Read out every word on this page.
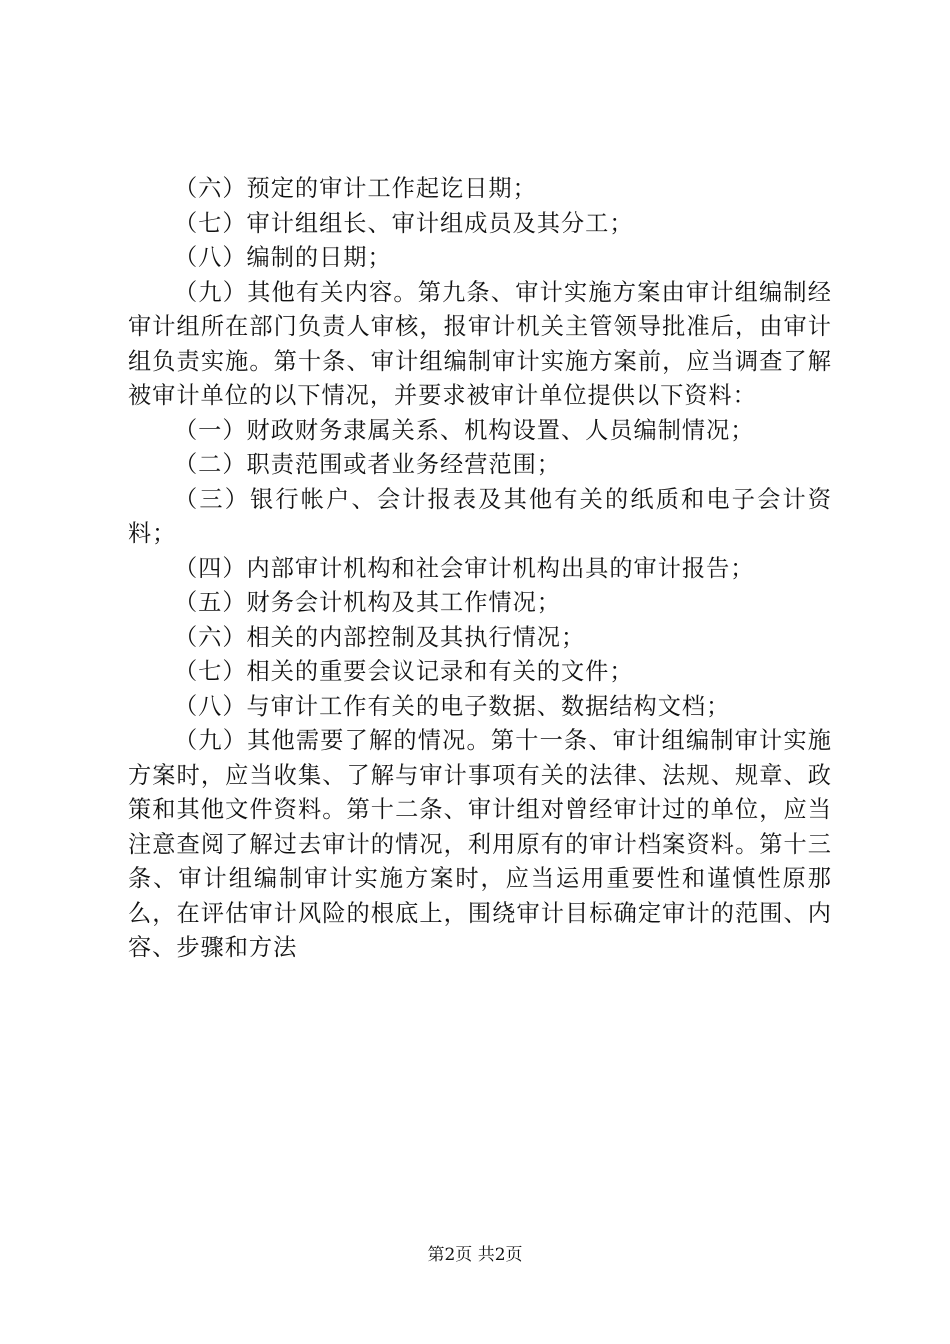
（六）预定的审计工作起讫日期；

（七）审计组组长、审计组成员及其分工；

（八）编制的日期；

（九）其他有关内容。第九条、审计实施方案由审计组编制经审计组所在部门负责人审核，报审计机关主管领导批准后，由审计组负责实施。第十条、审计组编制审计实施方案前，应当调查了解被审计单位的以下情况，并要求被审计单位提供以下资料：

（一）财政财务隶属关系、机构设置、人员编制情况；

（二）职责范围或者业务经营范围；

（三）银行帐户、会计报表及其他有关的纸质和电子会计资料；

（四）内部审计机构和社会审计机构出具的审计报告；

（五）财务会计机构及其工作情况；

（六）相关的内部控制及其执行情况；

（七）相关的重要会议记录和有关的文件；

（八）与审计工作有关的电子数据、数据结构文档；

（九）其他需要了解的情况。第十一条、审计组编制审计实施方案时，应当收集、了解与审计事项有关的法律、法规、规章、政策和其他文件资料。第十二条、审计组对曾经审计过的单位，应当注意查阅了解过去审计的情况，利用原有的审计档案资料。第十三条、审计组编制审计实施方案时，应当运用重要性和谨慎性原那么，在评估审计风险的根底上，围绕审计目标确定审计的范围、内容、步骤和方法

第2页 共2页
